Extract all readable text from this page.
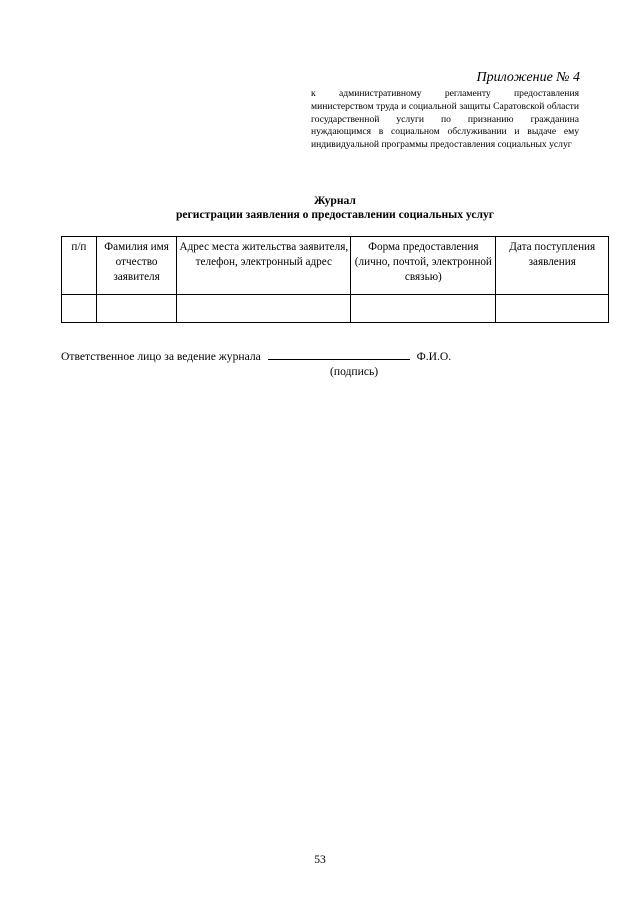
Приложение № 4
к административному регламенту предоставления министерством труда и социальной защиты Саратовской области государственной услуги по признанию гражданина нуждающимся в социальном обслуживании и выдаче ему индивидуальной программы предоставления социальных услуг
Журнал
регистрации заявления о предоставлении социальных услуг
п/п	Фамилия имя отчество заявителя	Адрес места жительства заявителя, телефон, электронный адрес	Форма предоставления (лично, почтой, электронной связью)	Дата поступления заявления

Ответственное лицо за ведение журнала	Ф.И.О.
(подпись)
53
